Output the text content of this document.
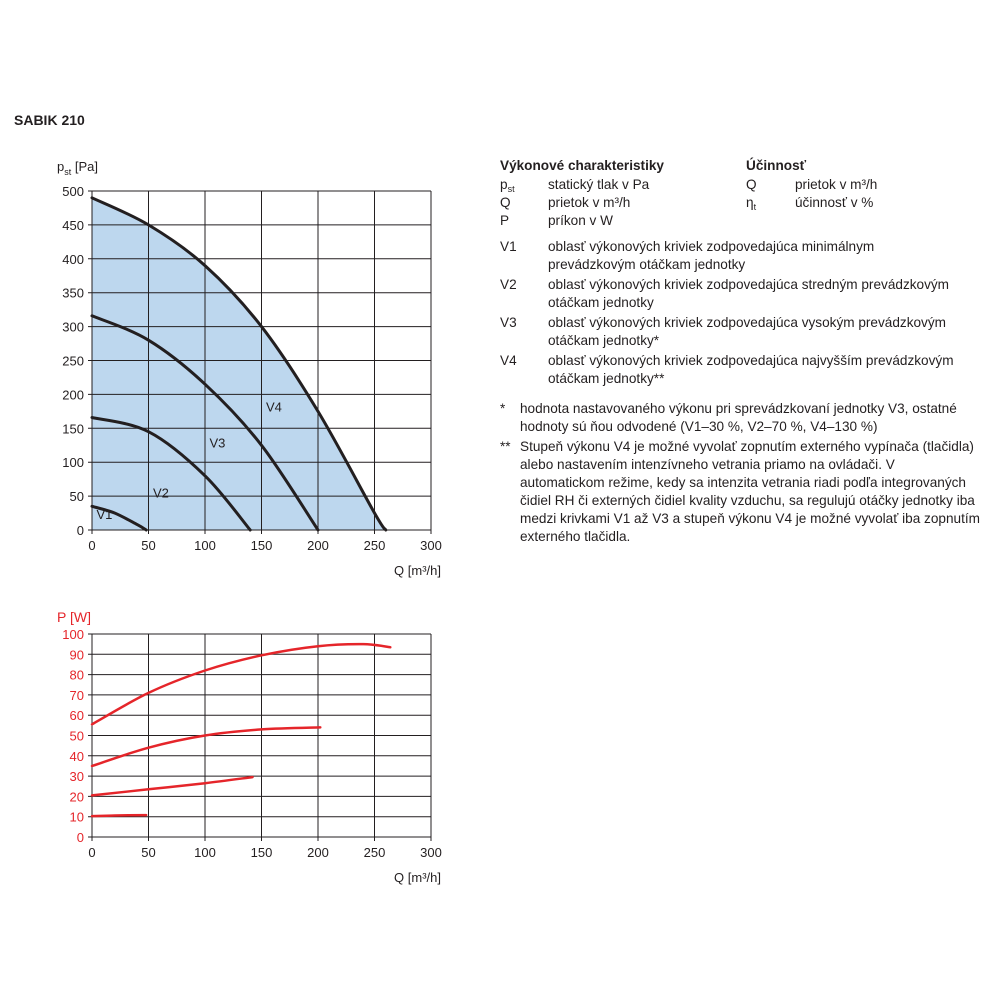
SABIK 210
0	50	100	150	200	250	300
0
50
100
150
200
250
300
350
400
450
500
Q [m³/h]
$p_{st}$ [Pa]
V1
V2
V3
V4
0	50	100	150	200	250	300
0
10
20
30
40
50
60
70
80
90
100
Q [m³/h]
P [W]
Výkonové charakteristiky	Účinnosť
$p_{st}$ statický tlak v Pa	Q	prietok v m³/h
Q	prietok v m³/h	$\eta_t$	účinnosť v %
P	príkon v W
V1 oblasť výkonových kriviek zodpovedajúca minimálnym prevádzkovým otáčkam jednotky
V2 oblasť výkonových kriviek zodpovedajúca stredným prevádzkovým otáčkam jednotky
V3 oblasť výkonových kriviek zodpovedajúca vysokým prevádzkovým otáčkam jednotky*
V4 oblasť výkonových kriviek zodpovedajúca najvyšším prevádzkovým otáčkam jednotky**
* hodnota nastavovaného výkonu pri sprevádzkovaní jednotky V3, ostatné hodnoty sú ňou odvodené (V1–30 %, V2–70 %, V4–130 %)
** Stupeň výkonu V4 je možné vyvolať zopnutím externého vypínača (tlačidla) alebo nastavením intenzívneho vetrania priamo na ovládači. V automatickom režime, kedy sa intenzita vetrania riadi podľa integrovaných čidiel RH či externých čidiel kvality vzduchu, sa regulujú otáčky jednotky iba medzi krivkami V1 až V3 a stupeň výkonu V4 je možné vyvolať iba zopnutím externého tlačidla.
